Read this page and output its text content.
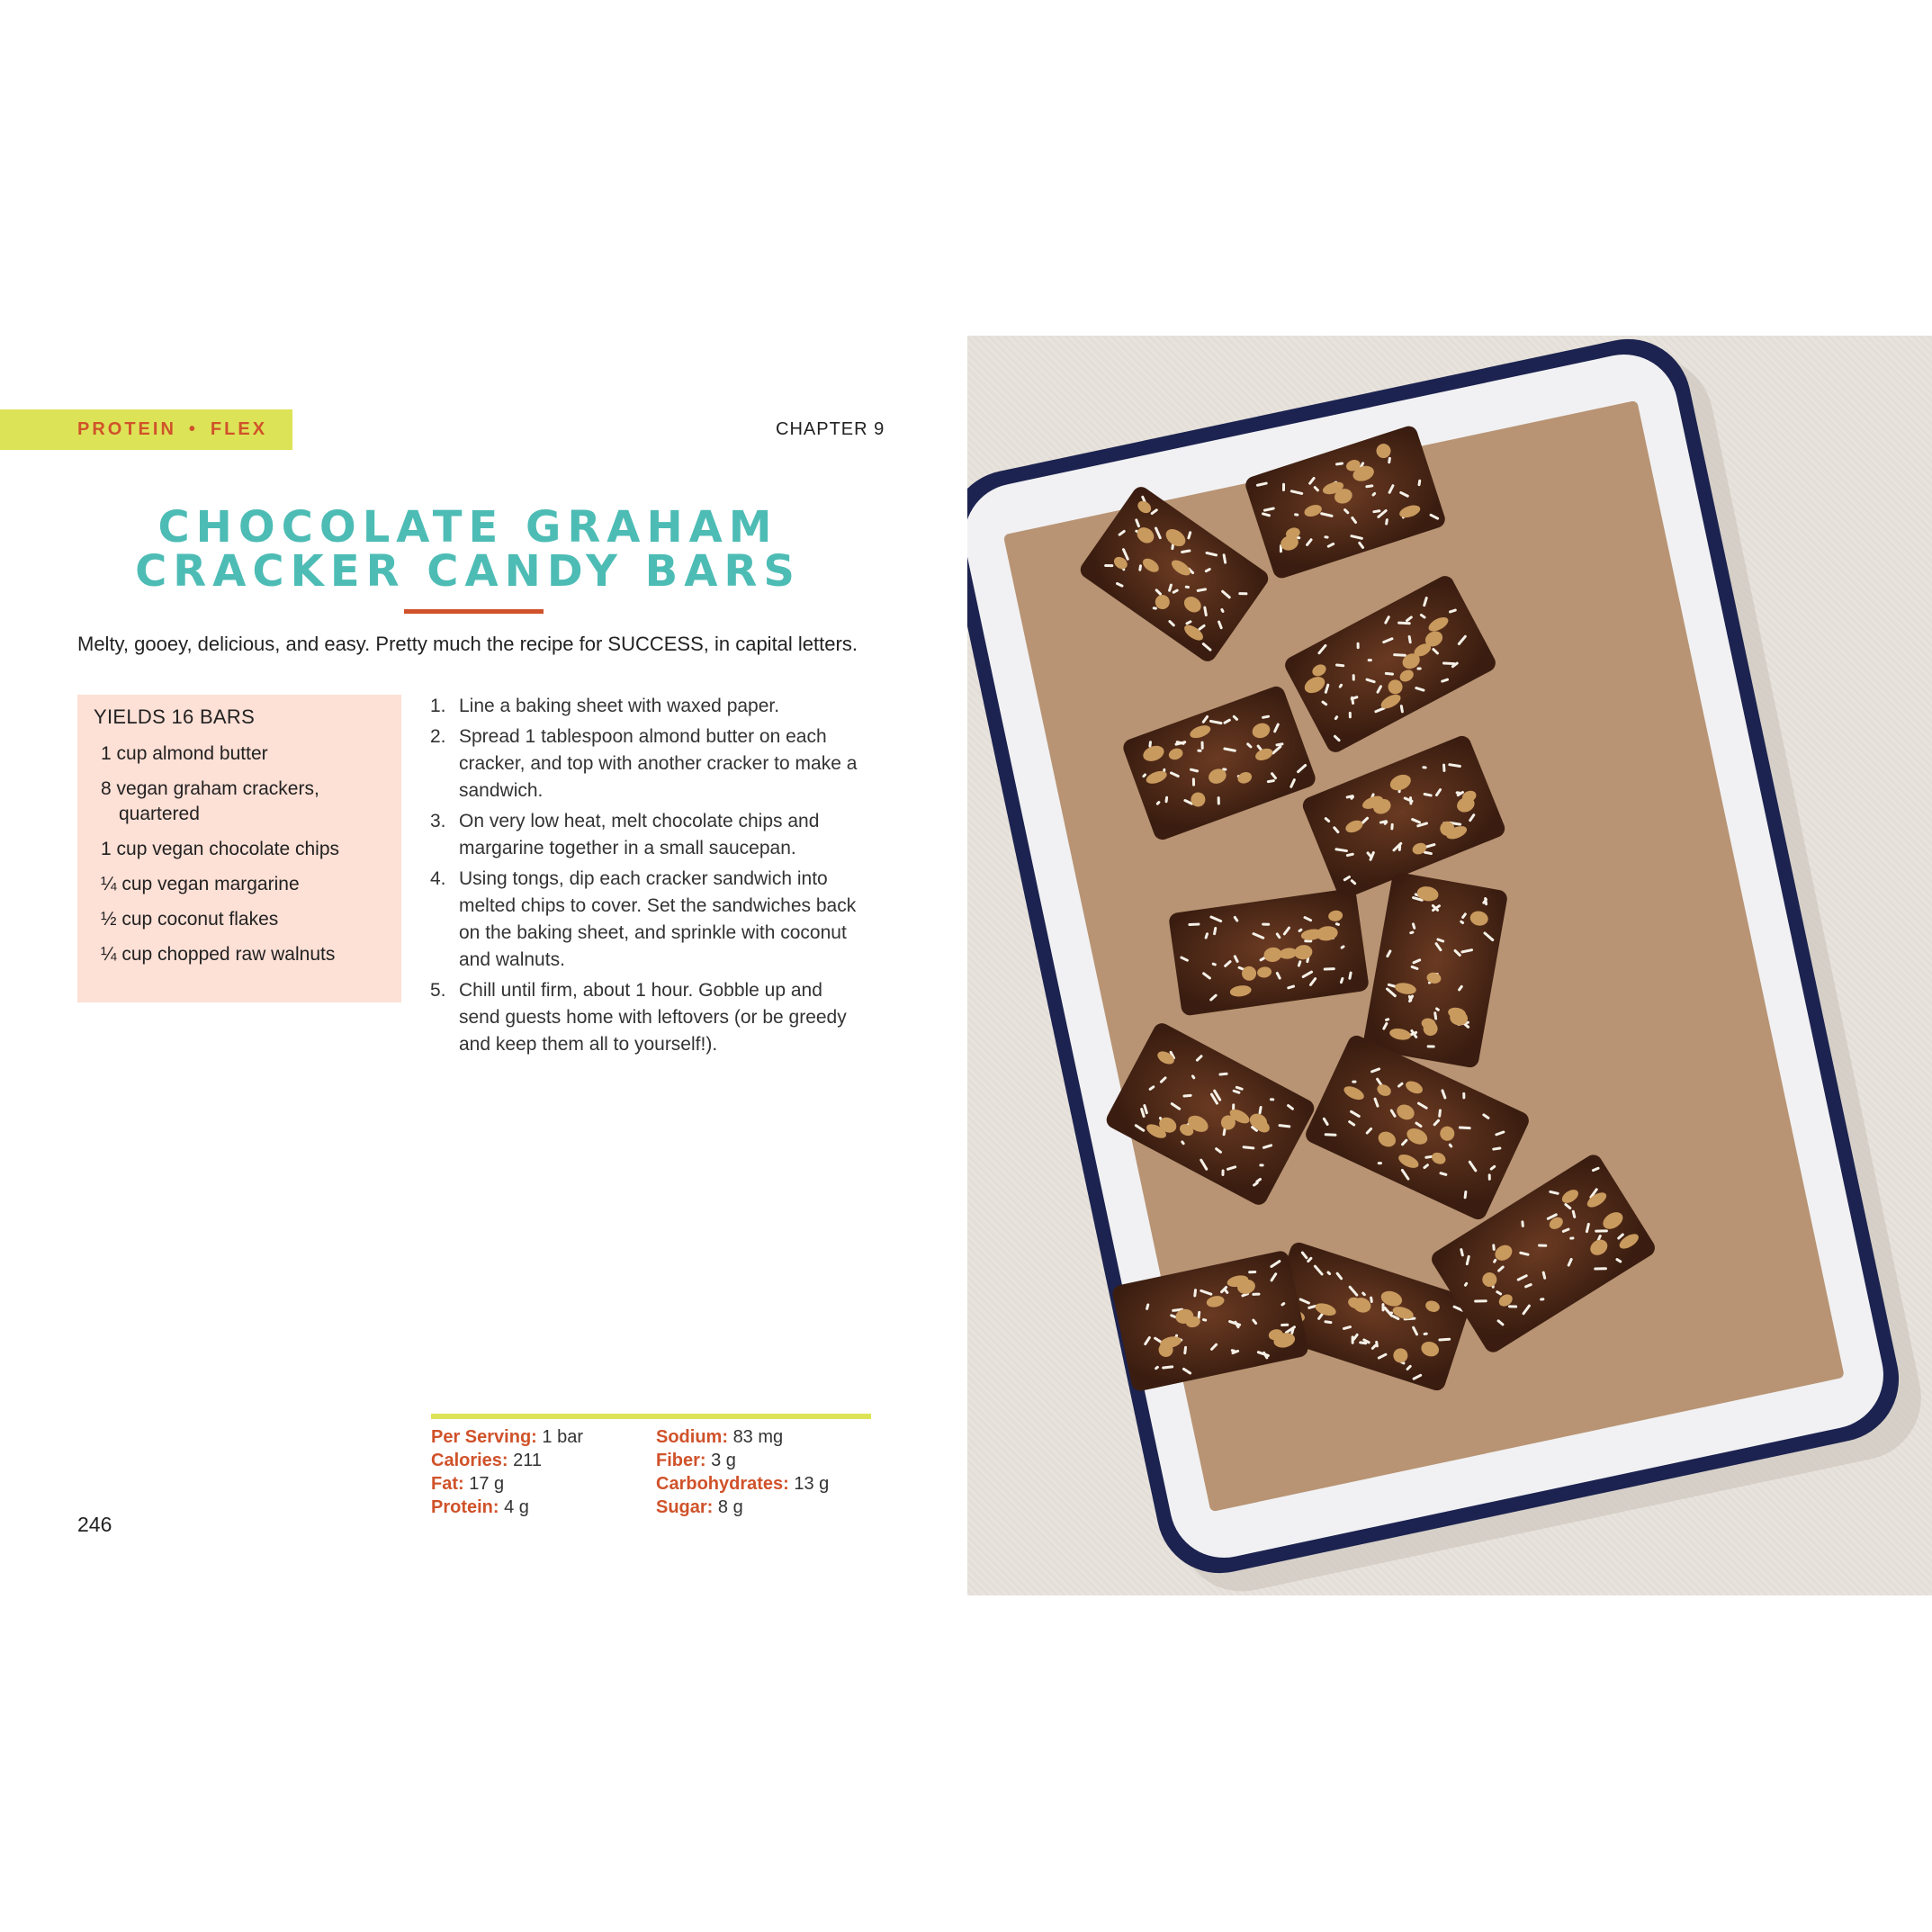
PROTEIN • FLEX	CHAPTER 9
CHOCOLATE GRAHAM
CRACKER CANDY BARS

Melty, gooey, delicious, and easy. Pretty much the recipe for SUCCESS, in capital letters.

YIELDS 16 BARS
1 cup almond butter
8 vegan graham crackers, quartered
1 cup vegan chocolate chips
¼ cup vegan margarine
½ cup coconut flakes
¼ cup chopped raw walnuts
1. Line a baking sheet with waxed paper.
2. Spread 1 tablespoon almond butter on each cracker, and top with another cracker to make a sandwich.
3. On very low heat, melt chocolate chips and margarine together in a small saucepan.
4. Using tongs, dip each cracker sandwich into melted chips to cover. Set the sandwiches back on the baking sheet, and sprinkle with coconut and walnuts.
5. Chill until firm, about 1 hour. Gobble up and send guests home with leftovers (or be greedy and keep them all to yourself!).
Per Serving: 1 bar
Calories: 211
Fat: 17 g
Protein: 4 g
Sodium: 83 mg
Fiber: 3 g
Carbohydrates: 13 g
Sugar: 8 g
246
